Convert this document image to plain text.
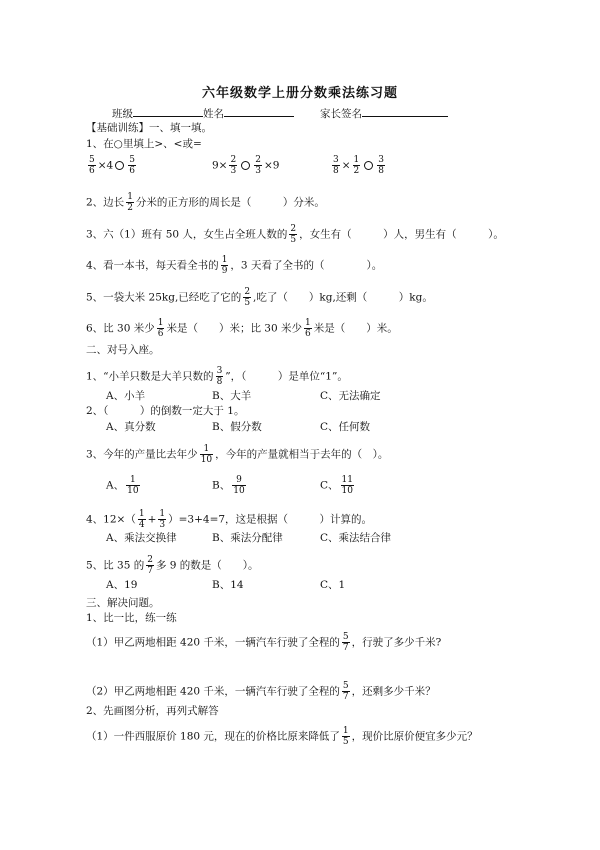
六年级数学上册分数乘法练习题
班级	姓名	家长签名
【基础训练】一、填一填。
1、在○里填上>、<或=
$\frac{5}{6} \times 4 \frac{5}{6}$	$9\times \frac{2}{3} \frac{2}{3} \times 9$	$\frac{3}{8} \times \frac{1}{2} \frac{3}{8}$
2、边长 $\frac{1}{2}$ 分米的正方形的周长是（　　　）分米。
3、六（1）班有 50 人，女生占全班人数的 $\frac{2}{5}$ ，女生有（　　　）人，男生有（　　　）。
4、看一本书，每天看全书的 $\frac{1}{9}$ ，3 天看了全书的（　　　　）。
5、一袋大米 25kg,已经吃了它的 $\frac{2}{5}$ ,吃了（　　）kg,还剩（　　　）kg。
6、比 30 米少 $\frac{1}{6}$ 米是（　　）米；比 30 米少 $\frac{1}{6}$ 米是（　　）米。
二、对号入座。
1、“小羊只数是大羊只数的 $\frac{3}{8}$ ”，（　　　）是单位“1”。
A、小羊	B、大羊	C、无法确定
2、（　　　）的倒数一定大于 1。
A、真分数	B、假分数	C、任何数
3、今年的产量比去年少 $\frac{1}{10}$ ，今年的产量就相当于去年的（　）。
A、 $\frac{1}{10}$	B、 $\frac{9}{10}$	C、 $\frac{11}{10}$
4、$12\times( \frac{1}{4} + \frac{1}{3} )=3+4=7$，这是根据（　　　）计算的。
A、乘法交换律	B、乘法分配律	C、乘法结合律
5、比 35 的 $\frac{2}{7}$ 多 9 的数是（　　）。
A、19	B、14	C、1
三、解决问题。
1、比一比，练一练
（1）甲乙两地相距 420 千米，一辆汽车行驶了全程的 $\frac{5}{7}$ ，行驶了多少千米?
（2）甲乙两地相距 420 千米，一辆汽车行驶了全程的 $\frac{5}{7}$ ，还剩多少千米？
2、先画图分析，再列式解答
（1）一件西服原价 180 元，现在的价格比原来降低了 $\frac{1}{5}$ ，现价比原价便宜多少元？
